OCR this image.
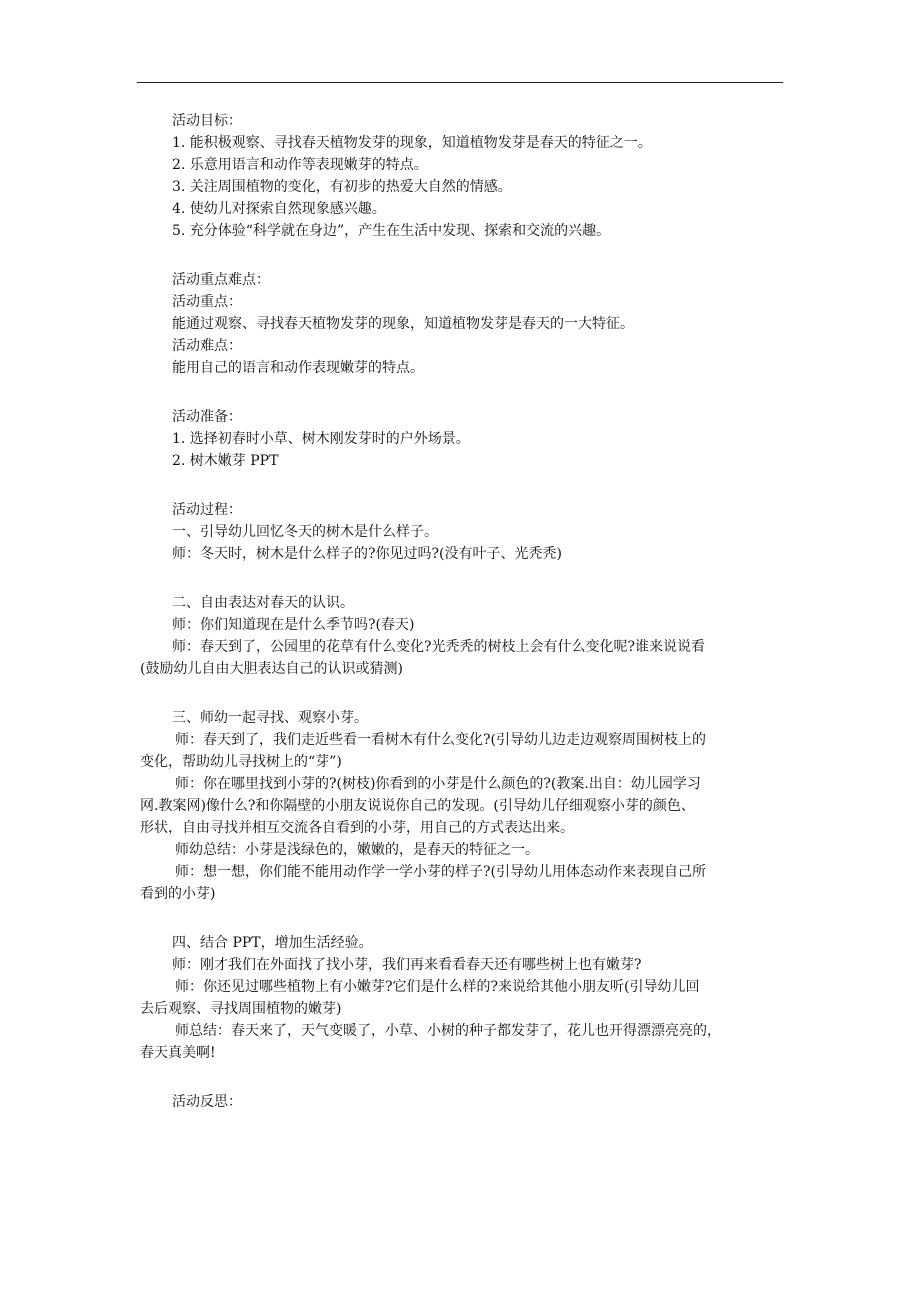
活动目标：
1. 能积极观察、寻找春天植物发芽的现象，知道植物发芽是春天的特征之一。
2. 乐意用语言和动作等表现嫩芽的特点。
3. 关注周围植物的变化，有初步的热爱大自然的情感。
4. 使幼儿对探索自然现象感兴趣。
5. 充分体验“科学就在身边”，产生在生活中发现、探索和交流的兴趣。
活动重点难点：
活动重点：
能通过观察、寻找春天植物发芽的现象，知道植物发芽是春天的一大特征。
活动难点：
能用自己的语言和动作表现嫩芽的特点。
活动准备：
1. 选择初春时小草、树木刚发芽时的户外场景。
2. 树木嫩芽 PPT
活动过程：
一、引导幼儿回忆冬天的树木是什么样子。
师：冬天时，树木是什么样子的?你见过吗?(没有叶子、光秃秃)
二、自由表达对春天的认识。
师：你们知道现在是什么季节吗?(春天)
师：春天到了，公园里的花草有什么变化?光秃秃的树枝上会有什么变化呢?谁来说说看
(鼓励幼儿自由大胆表达自己的认识或猜测)
三、师幼一起寻找、观察小芽。
师：春天到了，我们走近些看一看树木有什么变化?(引导幼儿边走边观察周围树枝上的
变化，帮助幼儿寻找树上的“芽”)
师：你在哪里找到小芽的?(树枝)你看到的小芽是什么颜色的?(教案.出自：幼儿园学习
网.教案网)像什么?和你隔壁的小朋友说说你自己的发现。(引导幼儿仔细观察小芽的颜色、
形状，自由寻找并相互交流各自看到的小芽，用自己的方式表达出来。
师幼总结：小芽是浅绿色的，嫩嫩的，是春天的特征之一。
师：想一想，你们能不能用动作学一学小芽的样子?(引导幼儿用体态动作来表现自己所
看到的小芽)
四、结合 PPT，增加生活经验。
师：刚才我们在外面找了找小芽，我们再来看看春天还有哪些树上也有嫩芽?
师：你还见过哪些植物上有小嫩芽?它们是什么样的?来说给其他小朋友听(引导幼儿回
去后观察、寻找周围植物的嫩芽)
师总结：春天来了，天气变暖了，小草、小树的种子都发芽了，花儿也开得漂漂亮亮的，
春天真美啊!
活动反思：
